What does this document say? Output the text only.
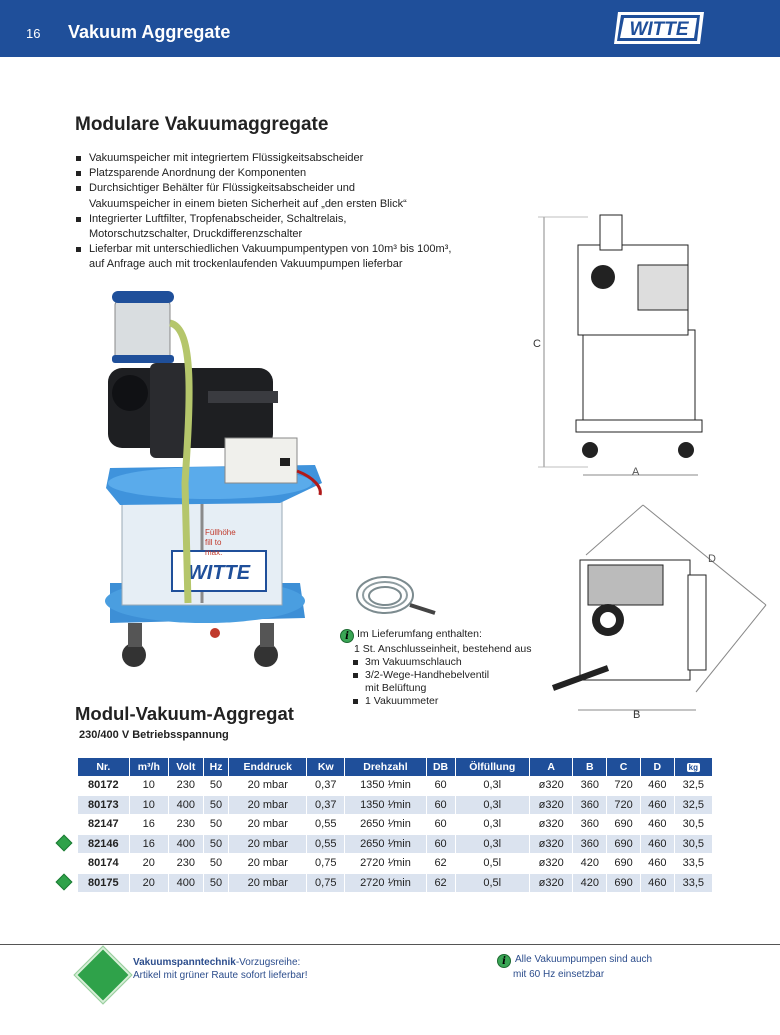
16 Vakuum Aggregate	WITTE
Modulare Vakuumaggregate
Vakuumspeicher mit integriertem Flüssigkeitsabscheider
Platzsparende Anordnung der Komponenten
Durchsichtiger Behälter für Flüssigkeitsabscheider und
Vakuumspeicher in einem bieten Sicherheit auf „den ersten Blick“
Integrierter Luftfilter, Tropfenabscheider, Schaltrelais,
Motorschutzschalter, Druckdifferenzschalter
Lieferbar mit unterschiedlichen Vakuumpumpentypen von 10m³ bis 100m³,
auf Anfrage auch mit trockenlaufenden Vakuumpumpen lieferbar
WITTE
Füllhöhe
fill to
max.
C
A
D
B
i Im Lieferumfang enthalten:
1 St. Anschlusseinheit, bestehend aus
3m Vakuumschlauch
3/2-Wege-Handhebelventil
mit Belüftung
1 Vakuummeter
Modul-Vakuum-Aggregat
230/400 V Betriebsspannung
Nr.	m³/h	Volt	Hz	Enddruck	Kw	Drehzahl	DB	Ölfüllung	A	B	C	D	kg
80172	10	230	50	20 mbar	0,37	1350 ¹⁄min	60	0,3l	ø320	360	720	460	32,5
80173	10	400	50	20 mbar	0,37	1350 ¹⁄min	60	0,3l	ø320	360	720	460	32,5
82147	16	230	50	20 mbar	0,55	2650 ¹⁄min	60	0,3l	ø320	360	690	460	30,5
82146	16	400	50	20 mbar	0,55	2650 ¹⁄min	60	0,3l	ø320	360	690	460	30,5
80174	20	230	50	20 mbar	0,75	2720 ¹⁄min	62	0,5l	ø320	420	690	460	33,5
80175	20	400	50	20 mbar	0,75	2720 ¹⁄min	62	0,5l	ø320	420	690	460	33,5
Vakuumspanntechnik-Vorzugsreihe:
Artikel mit grüner Raute sofort lieferbar!
i Alle Vakuumpumpen sind auch
mit 60 Hz einsetzbar
